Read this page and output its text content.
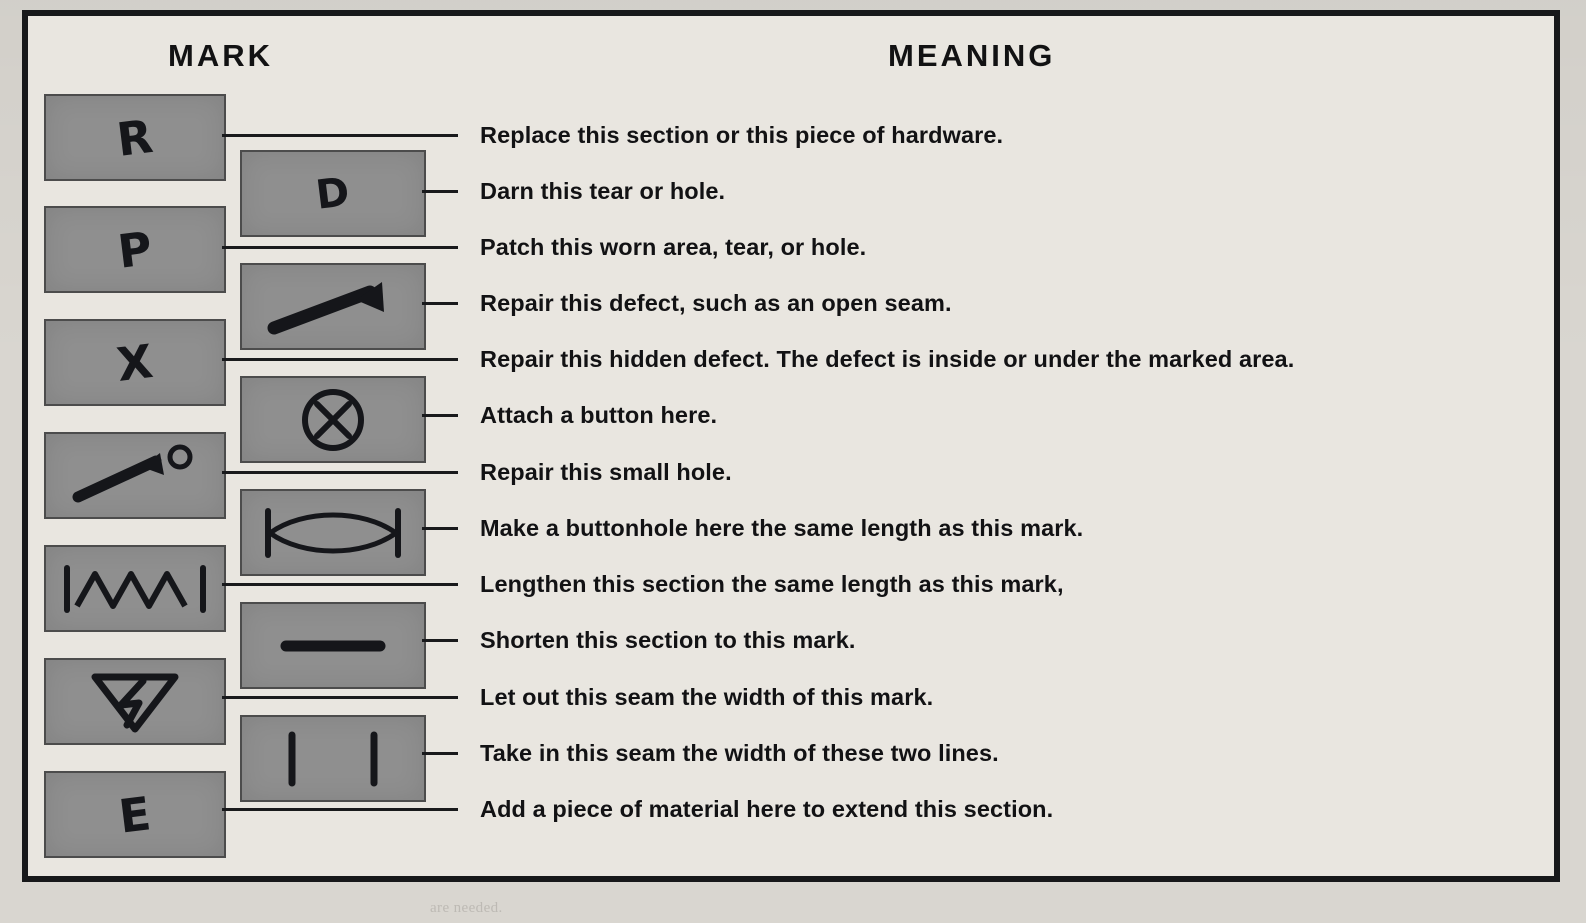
are needed.
MARK	MEANING
R
P
X
E
D
Replace this section or this piece of hardware.
Darn this tear or hole.
Patch this worn area, tear, or hole.
Repair this defect, such as an open seam.
Repair this hidden defect. The defect is inside or under the marked area.
Attach a button here.
Repair this small hole.
Make a buttonhole here the same length as this mark.
Lengthen this section the same length as this mark,
Shorten this section to this mark.
Let out this seam the width of this mark.
Take in this seam the width of these two lines.
Add a piece of material here to extend this section.
